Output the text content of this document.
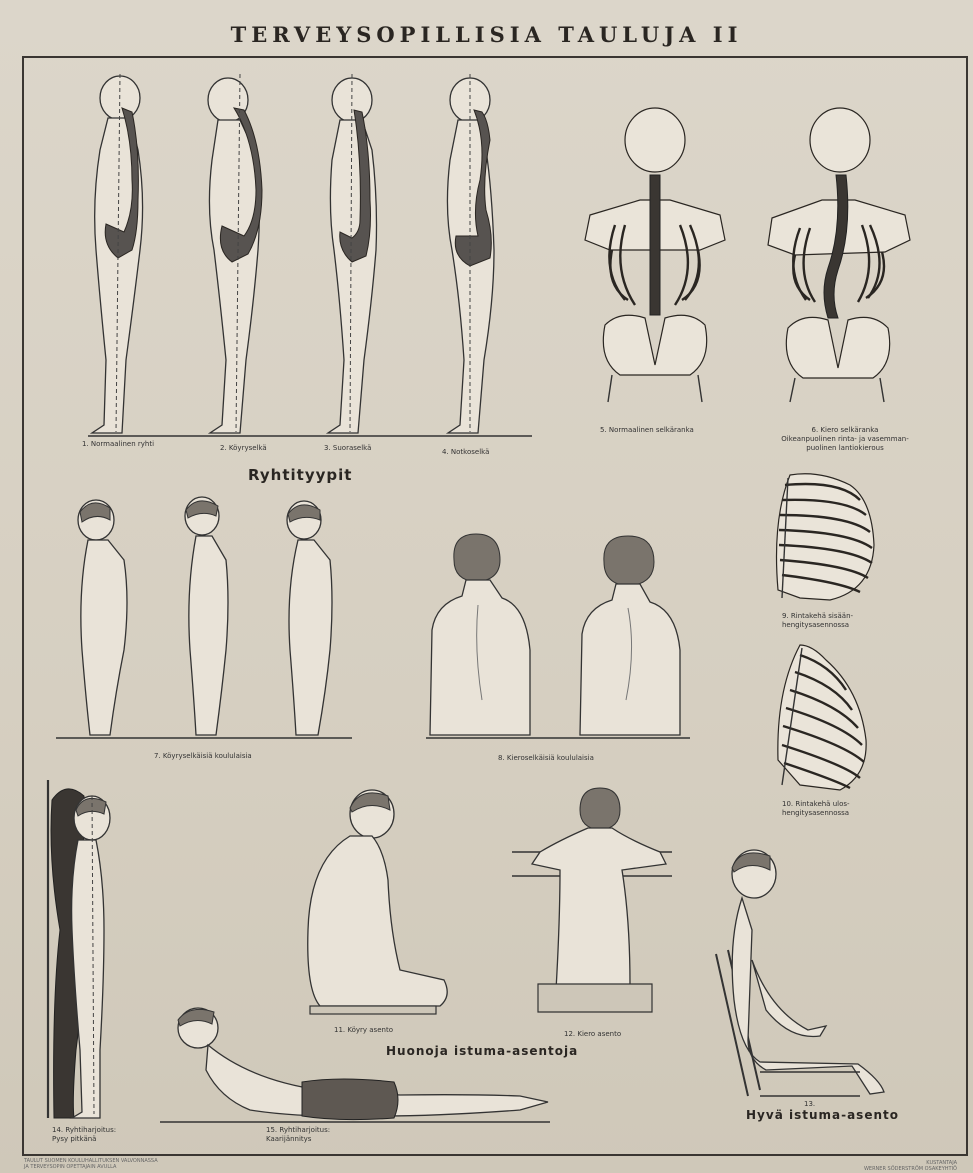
TERVEYSOPILLISIA TAULUJA II
1. Normaalinen ryhti	2. Köyryselkä	3. Suoraselkä	4. Notkoselkä
Ryhtityypit
5. Normaalinen selkäranka	6. Kiero selkäranka
Oikeanpuolinen rinta- ja vasemman-
puolinen lantiokierous
9. Rintakehä sisään-
hengitysasennossa
10. Rintakehä ulos-
hengitysasennossa
7. Köyryselkäisiä koululaisia	8. Kieroselkäisiä koululaisia
11. Köyry asento	12. Kiero asento
Huonoja istuma-asentoja
13.
Hyvä istuma-asento
14. Ryhtiharjoitus:
Pysy pitkänä
15. Ryhtiharjoitus:
Kaarijännitys
TAULUT SUOMEN KOULUHALLITUKSEN VALVONNASSA
JA TERVEYSOPIN OPETTAJAIN AVULLA
KUSTANTAJA
WERNER SÖDERSTRÖM OSAKEYHTIÖ
